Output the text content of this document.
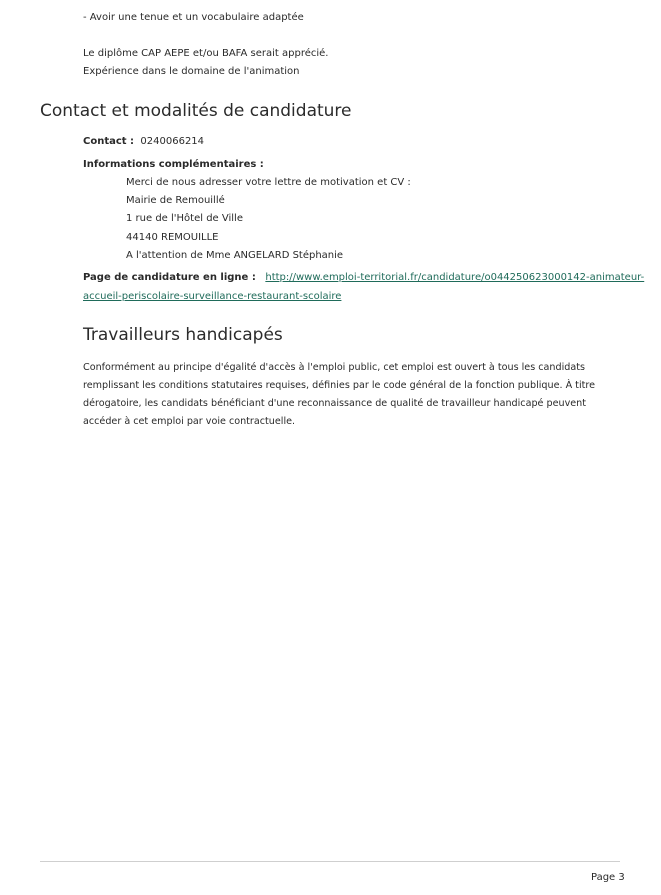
- Avoir une tenue et un vocabulaire adaptée
Le diplôme CAP AEPE et/ou BAFA serait apprécié.
Expérience dans le domaine de l'animation
Contact et modalités de candidature
Contact : 0240066214
Informations complémentaires :
Merci de nous adresser votre lettre de motivation et CV :
Mairie de Remouillé
1 rue de l'Hôtel de Ville
44140 REMOUILLE
A l'attention de Mme ANGELARD Stéphanie
Page de candidature en ligne : http://www.emploi-territorial.fr/candidature/o044250623000142-animateur-
accueil-periscolaire-surveillance-restaurant-scolaire
Travailleurs handicapés
Conformément au principe d'égalité d'accès à l'emploi public, cet emploi est ouvert à tous les candidats remplissant les conditions statutaires requises, définies par le code général de la fonction publique. À titre dérogatoire, les candidats bénéficiant d'une reconnaissance de qualité de travailleur handicapé peuvent accéder à cet emploi par voie contractuelle.
Page 3
